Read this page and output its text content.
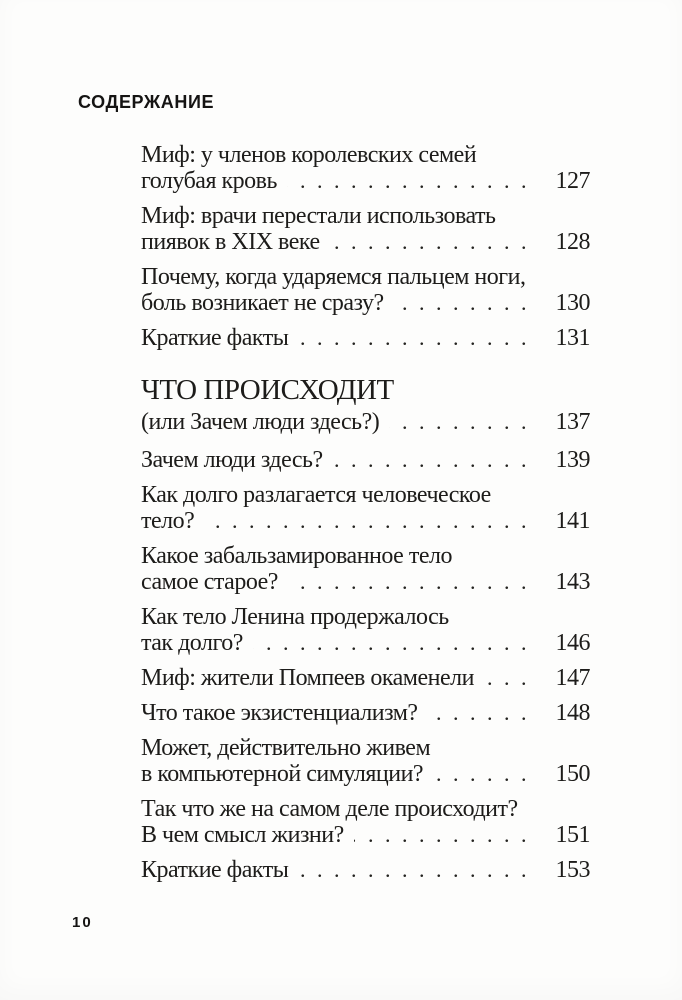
СОДЕРЖАНИЕ
Миф: у членов королевских семей
голубая кровь .....	127
Миф: врачи перестали использовать
пиявок в XIX веке .....	128
Почему, когда ударяемся пальцем ноги,
боль возникает не сразу? .....	130
Краткие факты .....	131
ЧТО ПРОИСХОДИТ
(или Зачем люди здесь?) .....	137
Зачем люди здесь? .....	139
Как долго разлагается человеческое
тело? .....	141
Какое забальзамированное тело
самое старое? .....	143
Как тело Ленина продержалось
так долго? .....	146
Миф: жители Помпеев окаменели .....	147
Что такое экзистенциализм? .....	148
Может, действительно живем
в компьютерной симуляции? .....	150
Так что же на самом деле происходит?
В чем смысл жизни? .....	151
Краткие факты .....	153
10
